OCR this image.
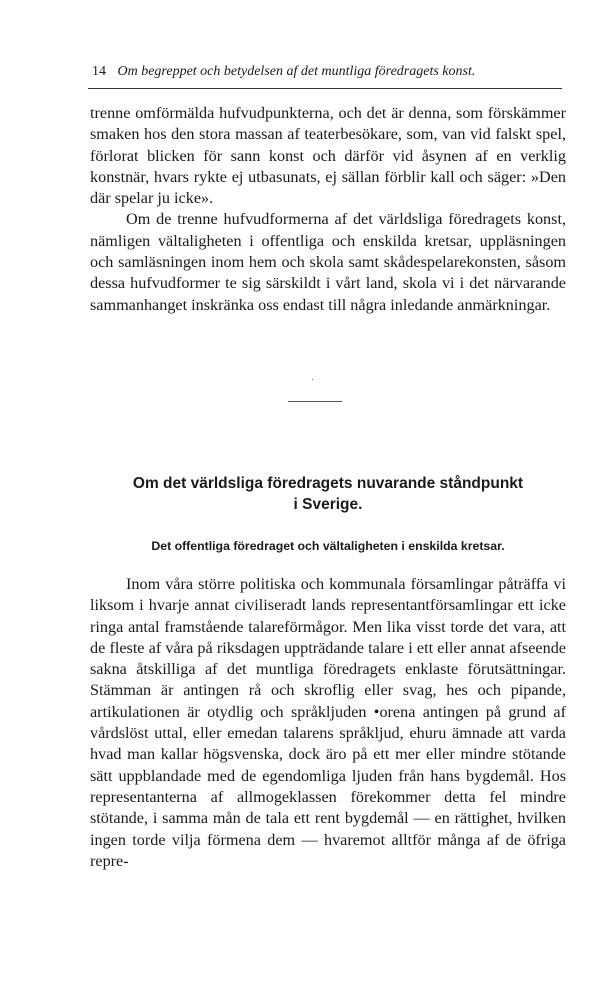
14 Om begreppet och betydelsen af det muntliga föredragets konst.

trenne omförmälda hufvudpunkterna, och det är denna, som förskämmer smaken hos den stora massan af teaterbesökare, som, van vid falskt spel, förlorat blicken för sann konst och därför vid åsynen af en verklig konstnär, hvars rykte ej utbasunats, ej sällan förblir kall och säger: »Den där spelar ju icke».

Om de trenne hufvudformerna af det världsliga föredragets konst, nämligen vältaligheten i offentliga och enskilda kretsar, uppläsningen och samläsningen inom hem och skola samt skådespelarekonsten, såsom dessa hufvudformer te sig särskildt i vårt land, skola vi i det närvarande sammanhanget inskränka oss endast till några inledande anmärkningar.

ˎ
Om det världsliga föredragets nuvarande ståndpunkt
i Sverige.
Det offentliga föredraget och vältaligheten i enskilda kretsar.

Inom våra större politiska och kommunala församlingar påträffa vi liksom i hvarje annat civiliseradt lands representantförsamlingar ett icke ringa antal framstående talareförmågor. Men lika visst torde det vara, att de fleste af våra på riksdagen uppträdande talare i ett eller annat afseende sakna åtskilliga af det muntliga föredragets enklaste förutsättningar. Stämman är antingen rå och skroflig eller svag, hes och pipande, artikulationen är otydlig och språkljuden •orena antingen på grund af vårdslöst uttal, eller emedan talarens språkljud, ehuru ämnade att varda hvad man kallar högsvenska, dock äro på ett mer eller mindre stötande sätt uppblandade med de egendomliga ljuden från hans bygdemål. Hos representanterna af allmogeklassen förekommer detta fel mindre stötande, i samma mån de tala ett rent bygdemål — en rättighet, hvilken ingen torde vilja förmena dem — hvaremot alltför många af de öfriga repre-
